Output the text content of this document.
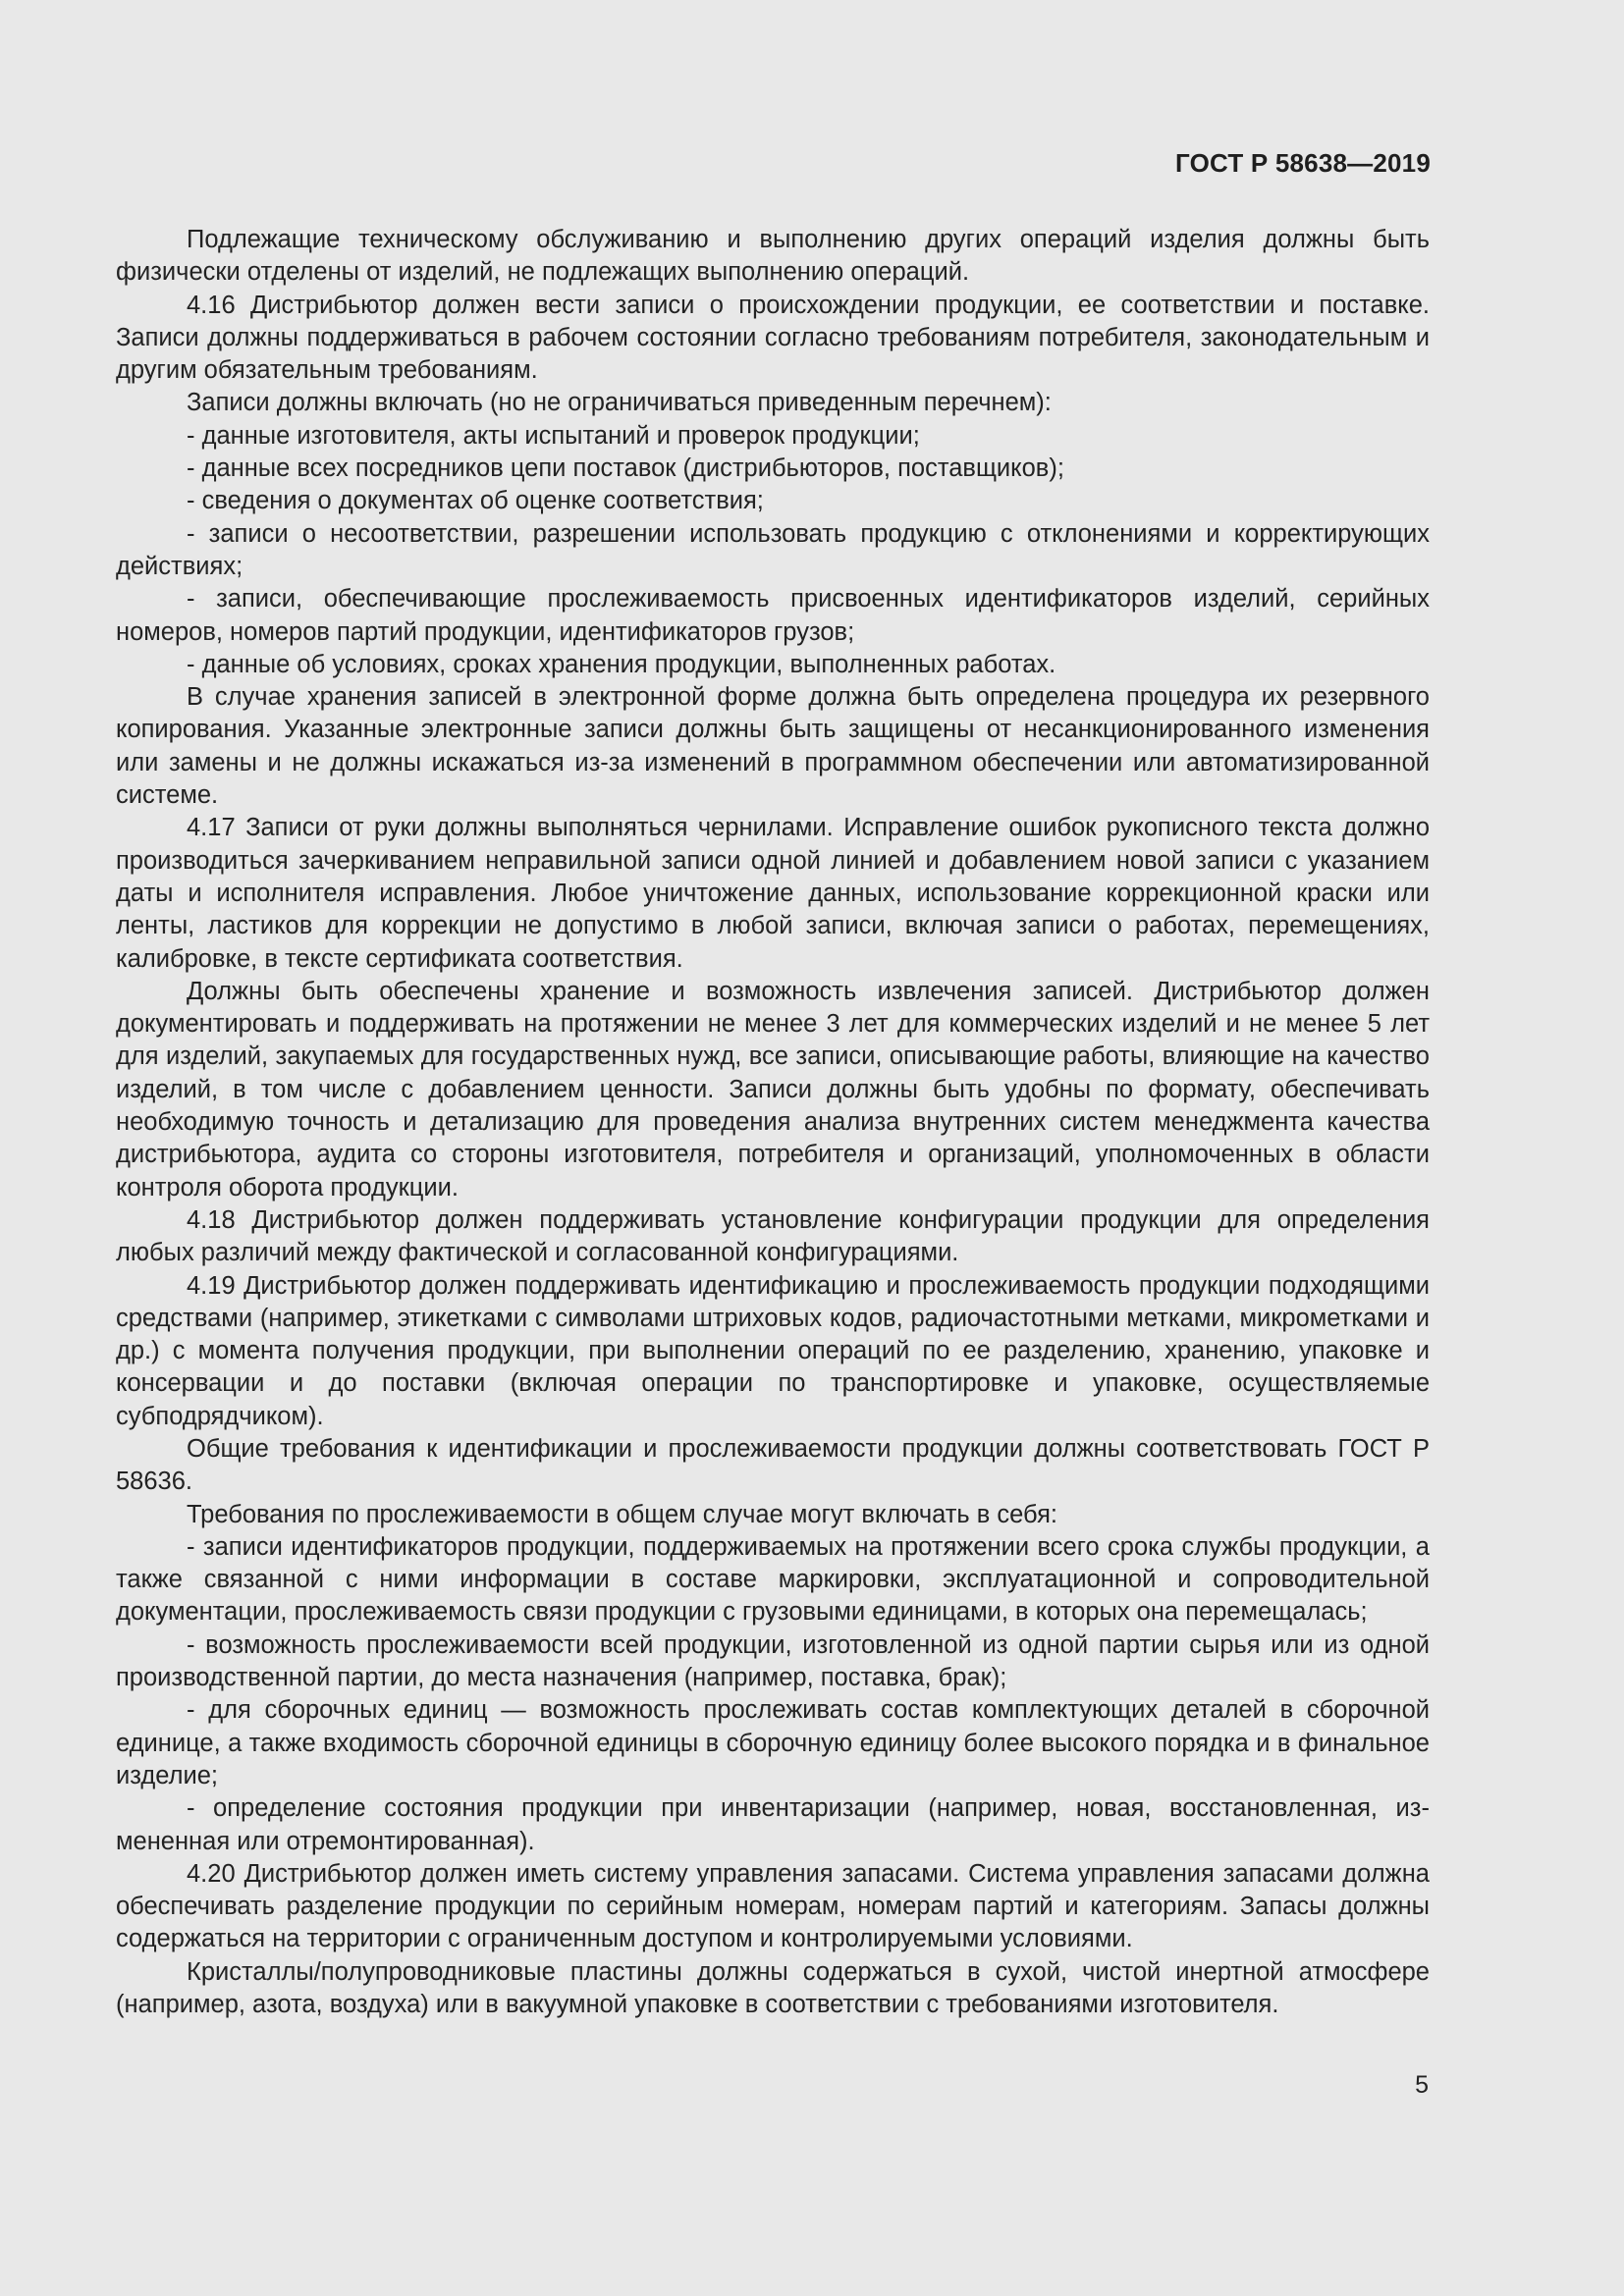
ГОСТ Р 58638—2019

Подлежащие техническому обслуживанию и выполнению других операций изделия должны быть физически отделены от изделий, не подлежащих выполнению операций.

4.16 Дистрибьютор должен вести записи о происхождении продукции, ее соответствии и поставке. Записи должны поддерживаться в рабочем состоянии согласно требованиям потребителя, законодательным и другим обязательным требованиям.

Записи должны включать (но не ограничиваться приведенным перечнем):

- данные изготовителя, акты испытаний и проверок продукции;

- данные всех посредников цепи поставок (дистрибьюторов, поставщиков);

- сведения о документах об оценке соответствия;

- записи о несоответствии, разрешении использовать продукцию с отклонениями и корректирующих действиях;

- записи, обеспечивающие прослеживаемость присвоенных идентификаторов изделий, серийных номеров, номеров партий продукции, идентификаторов грузов;

- данные об условиях, сроках хранения продукции, выполненных работах.

В случае хранения записей в электронной форме должна быть определена процедура их резервного копирования. Указанные электронные записи должны быть защищены от несанкционированного изменения или замены и не должны искажаться из-за изменений в программном обеспечении или автоматизированной системе.

4.17 Записи от руки должны выполняться чернилами. Исправление ошибок рукописного текста должно производиться зачеркиванием неправильной записи одной линией и добавлением новой записи с указанием даты и исполнителя исправления. Любое уничтожение данных, использование коррекционной краски или ленты, ластиков для коррекции не допустимо в любой записи, включая записи о работах, перемещениях, калибровке, в тексте сертификата соответствия.

Должны быть обеспечены хранение и возможность извлечения записей. Дистрибьютор должен документировать и поддерживать на протяжении не менее 3 лет для коммерческих изделий и не менее 5 лет для изделий, закупаемых для государственных нужд, все записи, описывающие работы, влияющие на качество изделий, в том числе с добавлением ценности. Записи должны быть удобны по формату, обеспечивать необходимую точность и детализацию для проведения анализа внутренних систем менеджмента качества дистрибьютора, аудита со стороны изготовителя, потребителя и организаций, уполномоченных в области контроля оборота продукции.

4.18 Дистрибьютор должен поддерживать установление конфигурации продукции для определения любых различий между фактической и согласованной конфигурациями.

4.19 Дистрибьютор должен поддерживать идентификацию и прослеживаемость продукции подходящими средствами (например, этикетками с символами штриховых кодов, радиочастотными метками, микрометками и др.) с момента получения продукции, при выполнении операций по ее разделению, хранению, упаковке и консервации и до поставки (включая операции по транспортировке и упаковке, осуществляемые субподрядчиком).

Общие требования к идентификации и прослеживаемости продукции должны соответствовать ГОСТ Р 58636.

Требования по прослеживаемости в общем случае могут включать в себя:

- записи идентификаторов продукции, поддерживаемых на протяжении всего срока службы продукции, а также связанной с ними информации в составе маркировки, эксплуатационной и сопроводительной документации, прослеживаемость связи продукции с грузовыми единицами, в которых она перемещалась;

- возможность прослеживаемости всей продукции, изготовленной из одной партии сырья или из одной производственной партии, до места назначения (например, поставка, брак);

- для сборочных единиц — возможность прослеживать состав комплектующих деталей в сборочной единице, а также входимость сборочной единицы в сборочную единицу более высокого порядка и в финальное изделие;

- определение состояния продукции при инвентаризации (например, новая, восстановленная, измененная или отремонтированная).

4.20 Дистрибьютор должен иметь систему управления запасами. Система управления запасами должна обеспечивать разделение продукции по серийным номерам, номерам партий и категориям. Запасы должны содержаться на территории с ограниченным доступом и контролируемыми условиями.

Кристаллы/полупроводниковые пластины должны содержаться в сухой, чистой инертной атмосфере (например, азота, воздуха) или в вакуумной упаковке в соответствии с требованиями изготовителя.

5
